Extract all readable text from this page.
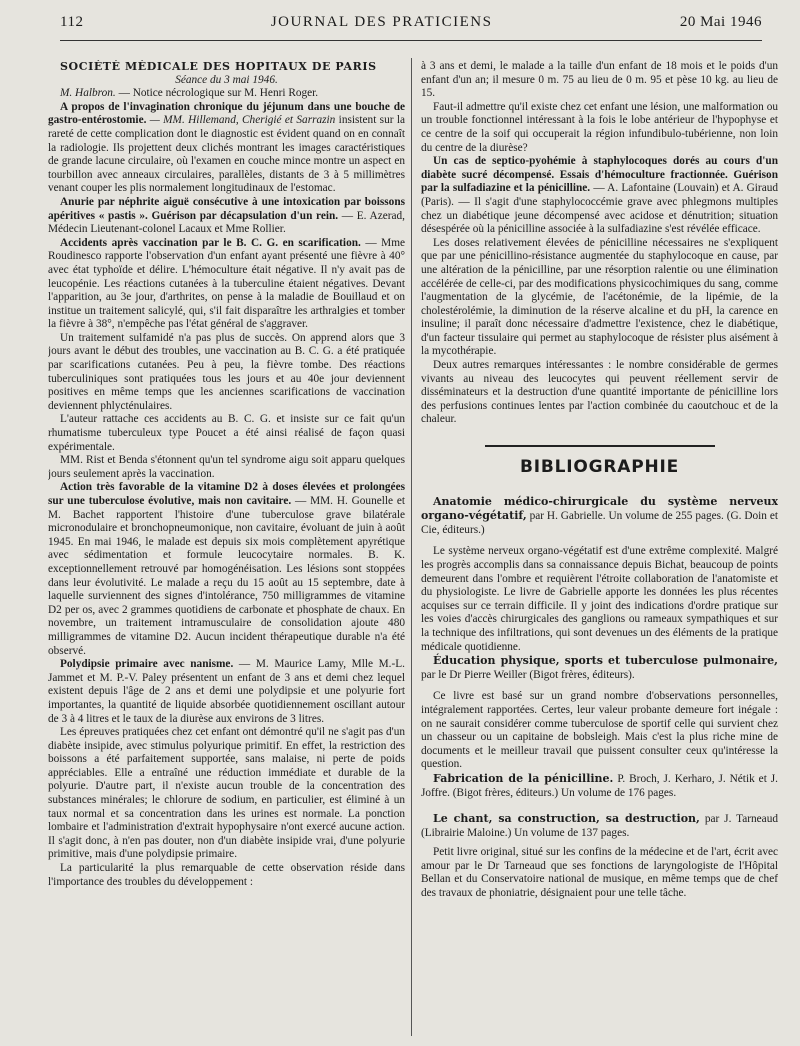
112	JOURNAL DES PRATICIENS	20 Mai 1946

SOCIÉTÉ MÉDICALE DES HOPITAUX DE PARIS

Séance du 3 mai 1946.

M. Halbron. — Notice nécrologique sur M. Henri Roger.

A propos de l'invagination chronique du jéjunum dans une bouche de gastro-entérostomie. — MM. Hillemand, Cherigié et Sarrazin insistent sur la rareté de cette complication dont le diagnostic est évident quand on en connaît la radiologie. Ils projettent deux clichés montrant les images caractéristiques de grande lacune circulaire, où l'examen en couche mince montre un aspect en tourbillon avec anneaux circulaires, parallèles, distants de 3 à 5 millimètres venant couper les plis normalement longitudinaux de l'estomac.

Anurie par néphrite aiguë consécutive à une intoxication par boissons apéritives « pastis ». Guérison par décapsulation d'un rein. — E. Azerad, Médecin Lieutenant-colonel Lacaux et Mme Rollier.

Accidents après vaccination par le B. C. G. en scarification. — Mme Roudinesco rapporte l'observation d'un enfant ayant présenté une fièvre à 40° avec état typhoïde et délire. L'hémoculture était négative. Il n'y avait pas de leucopénie. Les réactions cutanées à la tuberculine étaient négatives. Devant l'apparition, au 3e jour, d'arthrites, on pense à la maladie de Bouillaud et on institue un traitement salicylé, qui, s'il fait disparaître les arthralgies et tomber la fièvre à 38°, n'empêche pas l'état général de s'aggraver.

Un traitement sulfamidé n'a pas plus de succès. On apprend alors que 3 jours avant le début des troubles, une vaccination au B. C. G. a été pratiquée par scarifications cutanées. Peu à peu, la fièvre tombe. Des réactions tuberculiniques sont pratiquées tous les jours et au 40e jour deviennent positives en même temps que les anciennes scarifications de vaccination deviennent phlycténulaires.

L'auteur rattache ces accidents au B. C. G. et insiste sur ce fait qu'un rhumatisme tuberculeux type Poucet a été ainsi réalisé de façon quasi expérimentale.

MM. Rist et Benda s'étonnent qu'un tel syndrome aigu soit apparu quelques jours seulement après la vaccination.

Action très favorable de la vitamine D2 à doses élevées et prolongées sur une tuberculose évolutive, mais non cavitaire. — MM. H. Gounelle et M. Bachet rapportent l'histoire d'une tuberculose grave bilatérale micronodulaire et bronchopneumonique, non cavitaire, évoluant de juin à août 1945. En mai 1946, le malade est depuis six mois complètement apyrétique avec sédimentation et formule leucocytaire normales. B. K. exceptionnellement retrouvé par homogénéisation. Les lésions sont stoppées dans leur évolutivité. Le malade a reçu du 15 août au 15 septembre, date à laquelle surviennent des signes d'intolérance, 750 milligrammes de vitamine D2 per os, avec 2 grammes quotidiens de carbonate et phosphate de chaux. En novembre, un traitement intramusculaire de consolidation ajoute 480 milligrammes de vitamine D2. Aucun incident thérapeutique durable n'a été observé.

Polydipsie primaire avec nanisme. — M. Maurice Lamy, Mlle M.-L. Jammet et M. P.-V. Paley présentent un enfant de 3 ans et demi chez lequel existent depuis l'âge de 2 ans et demi une polydipsie et une polyurie fort importantes, la quantité de liquide absorbée quotidiennement oscillant autour de 3 à 4 litres et le taux de la diurèse aux environs de 3 litres.

Les épreuves pratiquées chez cet enfant ont démontré qu'il ne s'agit pas d'un diabète insipide, avec stimulus polyurique primitif. En effet, la restriction des boissons a été parfaitement supportée, sans malaise, ni perte de poids appréciables. Elle a entraîné une réduction immédiate et durable de la polyurie. D'autre part, il n'existe aucun trouble de la concentration des substances minérales; le chlorure de sodium, en particulier, est éliminé à un taux normal et sa concentration dans les urines est normale. La ponction lombaire et l'administration d'extrait hypophysaire n'ont exercé aucune action. Il s'agit donc, à n'en pas douter, non d'un diabète insipide vrai, d'une polyurie primitive, mais d'une polydipsie primaire.

La particularité la plus remarquable de cette observation réside dans l'importance des troubles du développement :

à 3 ans et demi, le malade a la taille d'un enfant de 18 mois et le poids d'un enfant d'un an; il mesure 0 m. 75 au lieu de 0 m. 95 et pèse 10 kg. au lieu de 15.

Faut-il admettre qu'il existe chez cet enfant une lésion, une malformation ou un trouble fonctionnel intéressant à la fois le lobe antérieur de l'hypophyse et ce centre de la soif qui occuperait la région infundibulo-tubérienne, non loin du centre de la diurèse?

Un cas de septico-pyohémie à staphylocoques dorés au cours d'un diabète sucré décompensé. Essais d'hémoculture fractionnée. Guérison par la sulfadiazine et la pénicilline. — A. Lafontaine (Louvain) et A. Giraud (Paris). — Il s'agit d'une staphylococcémie grave avec phlegmons multiples chez un diabétique jeune décompensé avec acidose et dénutrition; situation désespérée où la pénicilline associée à la sulfadiazine s'est révélée efficace.

Les doses relativement élevées de pénicilline nécessaires ne s'expliquent que par une pénicillino-résistance augmentée du staphylocoque en cause, par une altération de la pénicilline, par une résorption ralentie ou une élimination accélérée de celle-ci, par des modifications physicochimiques du sang, comme l'augmentation de la glycémie, de l'acétonémie, de la lipémie, de la cholestérolémie, la diminution de la réserve alcaline et du pH, la carence en insuline; il paraît donc nécessaire d'admettre l'existence, chez le diabétique, d'un facteur tissulaire qui permet au staphylocoque de résister plus aisément à la mycothérapie.

Deux autres remarques intéressantes : le nombre considérable de germes vivants au niveau des leucocytes qui peuvent réellement servir de disséminateurs et la destruction d'une quantité importante de pénicilline lors des perfusions continues lentes par l'action combinée du caoutchouc et de la chaleur.

BIBLIOGRAPHIE

Anatomie médico-chirurgicale du système nerveux organo-végétatif, par H. Gabrielle. Un volume de 255 pages. (G. Doin et Cie, éditeurs.)

Le système nerveux organo-végétatif est d'une extrême complexité. Malgré les progrès accomplis dans sa connaissance depuis Bichat, beaucoup de points demeurent dans l'ombre et requièrent l'étroite collaboration de l'anatomiste et du physiologiste. Le livre de Gabrielle apporte les données les plus récentes acquises sur ce terrain difficile. Il y joint des indications d'ordre pratique sur les voies d'accès chirurgicales des ganglions ou rameaux sympathiques et sur la technique des infiltrations, qui sont devenues un des éléments de la pratique médicale quotidienne.

Éducation physique, sports et tuberculose pulmonaire, par le Dr Pierre Weiller (Bigot frères, éditeurs).

Ce livre est basé sur un grand nombre d'observations personnelles, intégralement rapportées. Certes, leur valeur probante demeure fort inégale : on ne saurait considérer comme tuberculose de sportif celle qui survient chez un chasseur ou un capitaine de bobsleigh. Mais c'est la plus riche mine de documents et le meilleur travail que puissent consulter ceux qu'intéresse la question.

Fabrication de la pénicilline. P. Broch, J. Kerharo, J. Nétik et J. Joffre. (Bigot frères, éditeurs.) Un volume de 176 pages.

Le chant, sa construction, sa destruction, par J. Tarneaud (Librairie Maloine.) Un volume de 137 pages.

Petit livre original, situé sur les confins de la médecine et de l'art, écrit avec amour par le Dr Tarneaud que ses fonctions de laryngologiste de l'Hôpital Bellan et du Conservatoire national de musique, en même temps que de chef des travaux de phoniatrie, désignaient pour une telle tâche.
